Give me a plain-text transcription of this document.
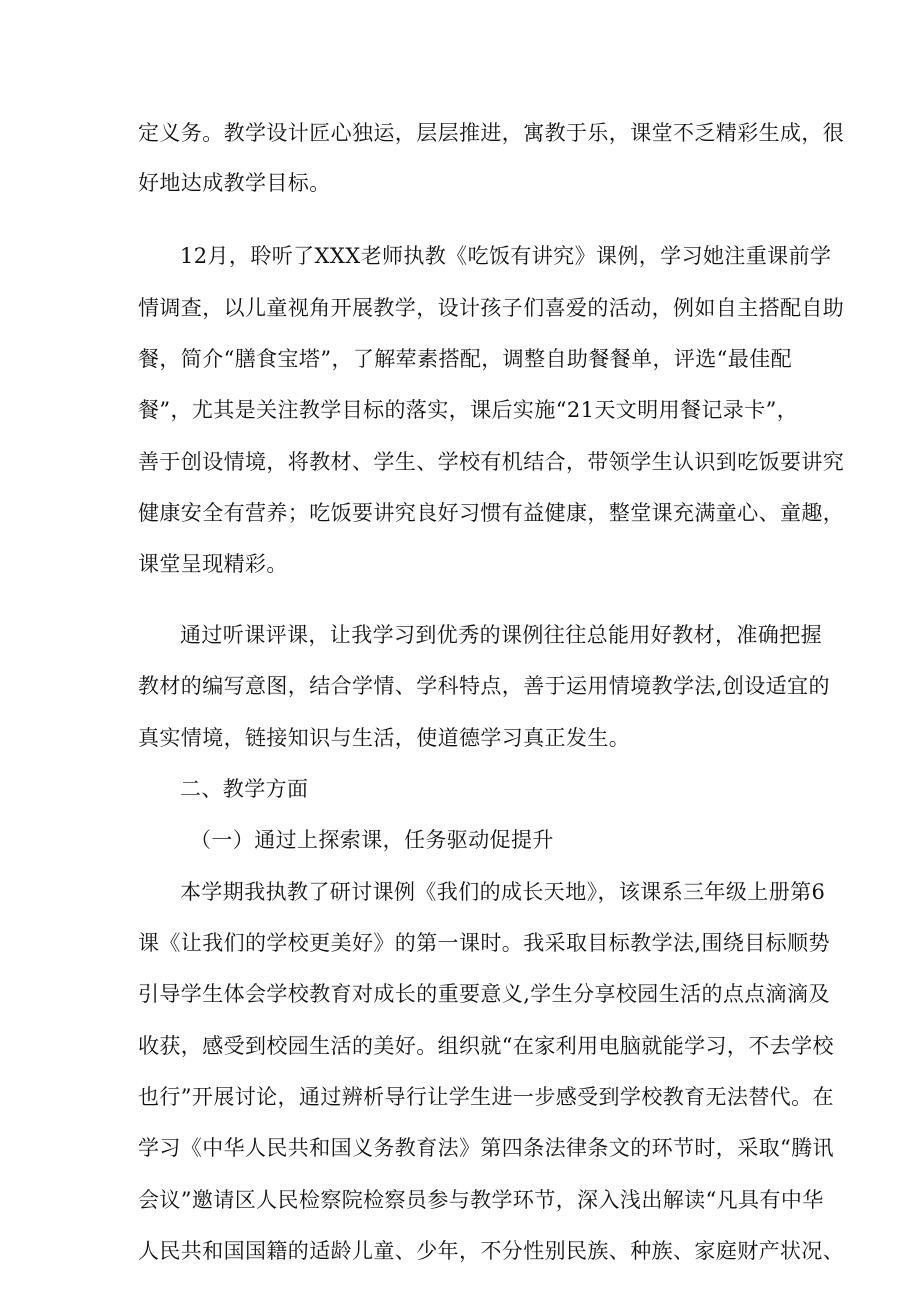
定义务。教学设计匠心独运，层层推进，寓教于乐，课堂不乏精彩生成，很
好地达成教学目标。
12月，聆听了XXX老师执教《吃饭有讲究》课例，学习她注重课前学
情调查，以儿童视角开展教学，设计孩子们喜爱的活动，例如自主搭配自助
餐，简介“膳食宝塔”，了解荤素搭配，调整自助餐餐单，评选“最佳配
餐”，尤其是关注教学目标的落实，课后实施“21天文明用餐记录卡”，
善于创设情境，将教材、学生、学校有机结合，带领学生认识到吃饭要讲究
健康安全有营养；吃饭要讲究良好习惯有益健康，整堂课充满童心、童趣，
课堂呈现精彩。
通过听课评课，让我学习到优秀的课例往往总能用好教材，准确把握
教材的编写意图，结合学情、学科特点，善于运用情境教学法,创设适宜的
真实情境，链接知识与生活，使道德学习真正发生。
二、教学方面
（一）通过上探索课，任务驱动促提升
本学期我执教了研讨课例《我们的成长天地》，该课系三年级上册第6
课《让我们的学校更美好》的第一课时。我采取目标教学法,围绕目标顺势
引导学生体会学校教育对成长的重要意义,学生分享校园生活的点点滴滴及
收获，感受到校园生活的美好。组织就“在家利用电脑就能学习，不去学校
也行”开展讨论，通过辨析导行让学生进一步感受到学校教育无法替代。在
学习《中华人民共和国义务教育法》第四条法律条文的环节时，采取“腾讯
会议”邀请区人民检察院检察员参与教学环节，深入浅出解读“凡具有中华
人民共和国国籍的适龄儿童、少年，不分性别民族、种族、家庭财产状况、
